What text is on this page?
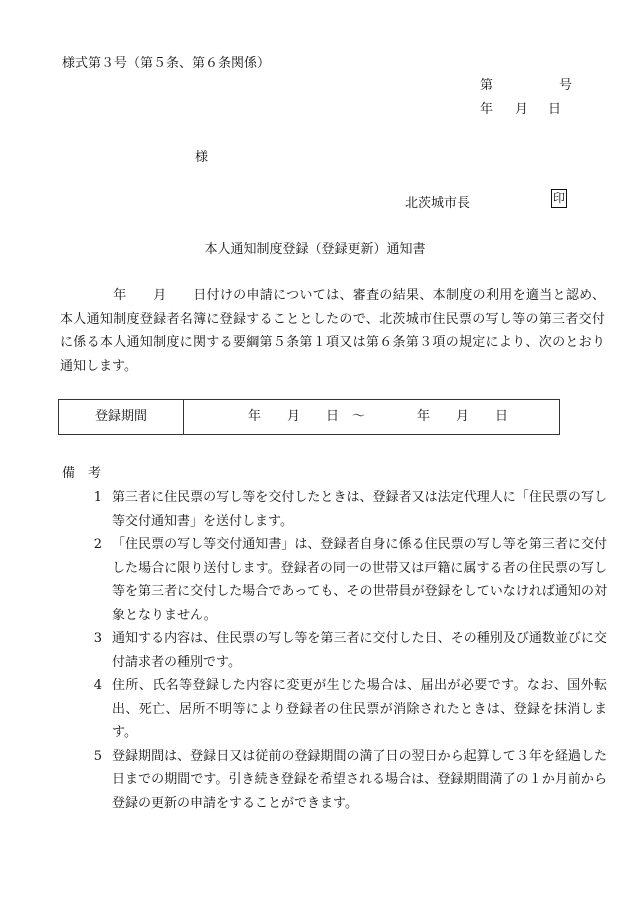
様式第３号（第５条、第６条関係）
第	号
年 月 日
様
北茨城市長	印
本人通知制度登録（登録更新）通知書
　　　　年　　月　　日付けの申請については、審査の結果、本制度の利用を適当と認め、本人通知制度登録者名簿に登録することとしたので、北茨城市住民票の写し等の第三者交付に係る本人通知制度に関する要綱第５条第１項又は第６条第３項の規定により、次のとおり通知します。
登録期間	年　　月　　日　～　　　　年　　月　　日
備　考
1 第三者に住民票の写し等を交付したときは、登録者又は法定代理人に「住民票の写し等交付通知書」を送付します。
2 「住民票の写し等交付通知書」は、登録者自身に係る住民票の写し等を第三者に交付した場合に限り送付します。登録者の同一の世帯又は戸籍に属する者の住民票の写し等を第三者に交付した場合であっても、その世帯員が登録をしていなければ通知の対象となりません。
3 通知する内容は、住民票の写し等を第三者に交付した日、その種別及び通数並びに交付請求者の種別です。
4 住所、氏名等登録した内容に変更が生じた場合は、届出が必要です。なお、国外転出、死亡、居所不明等により登録者の住民票が消除されたときは、登録を抹消します。
5 登録期間は、登録日又は従前の登録期間の満了日の翌日から起算して３年を経過した日までの期間です。引き続き登録を希望される場合は、登録期間満了の１か月前から登録の更新の申請をすることができます。
